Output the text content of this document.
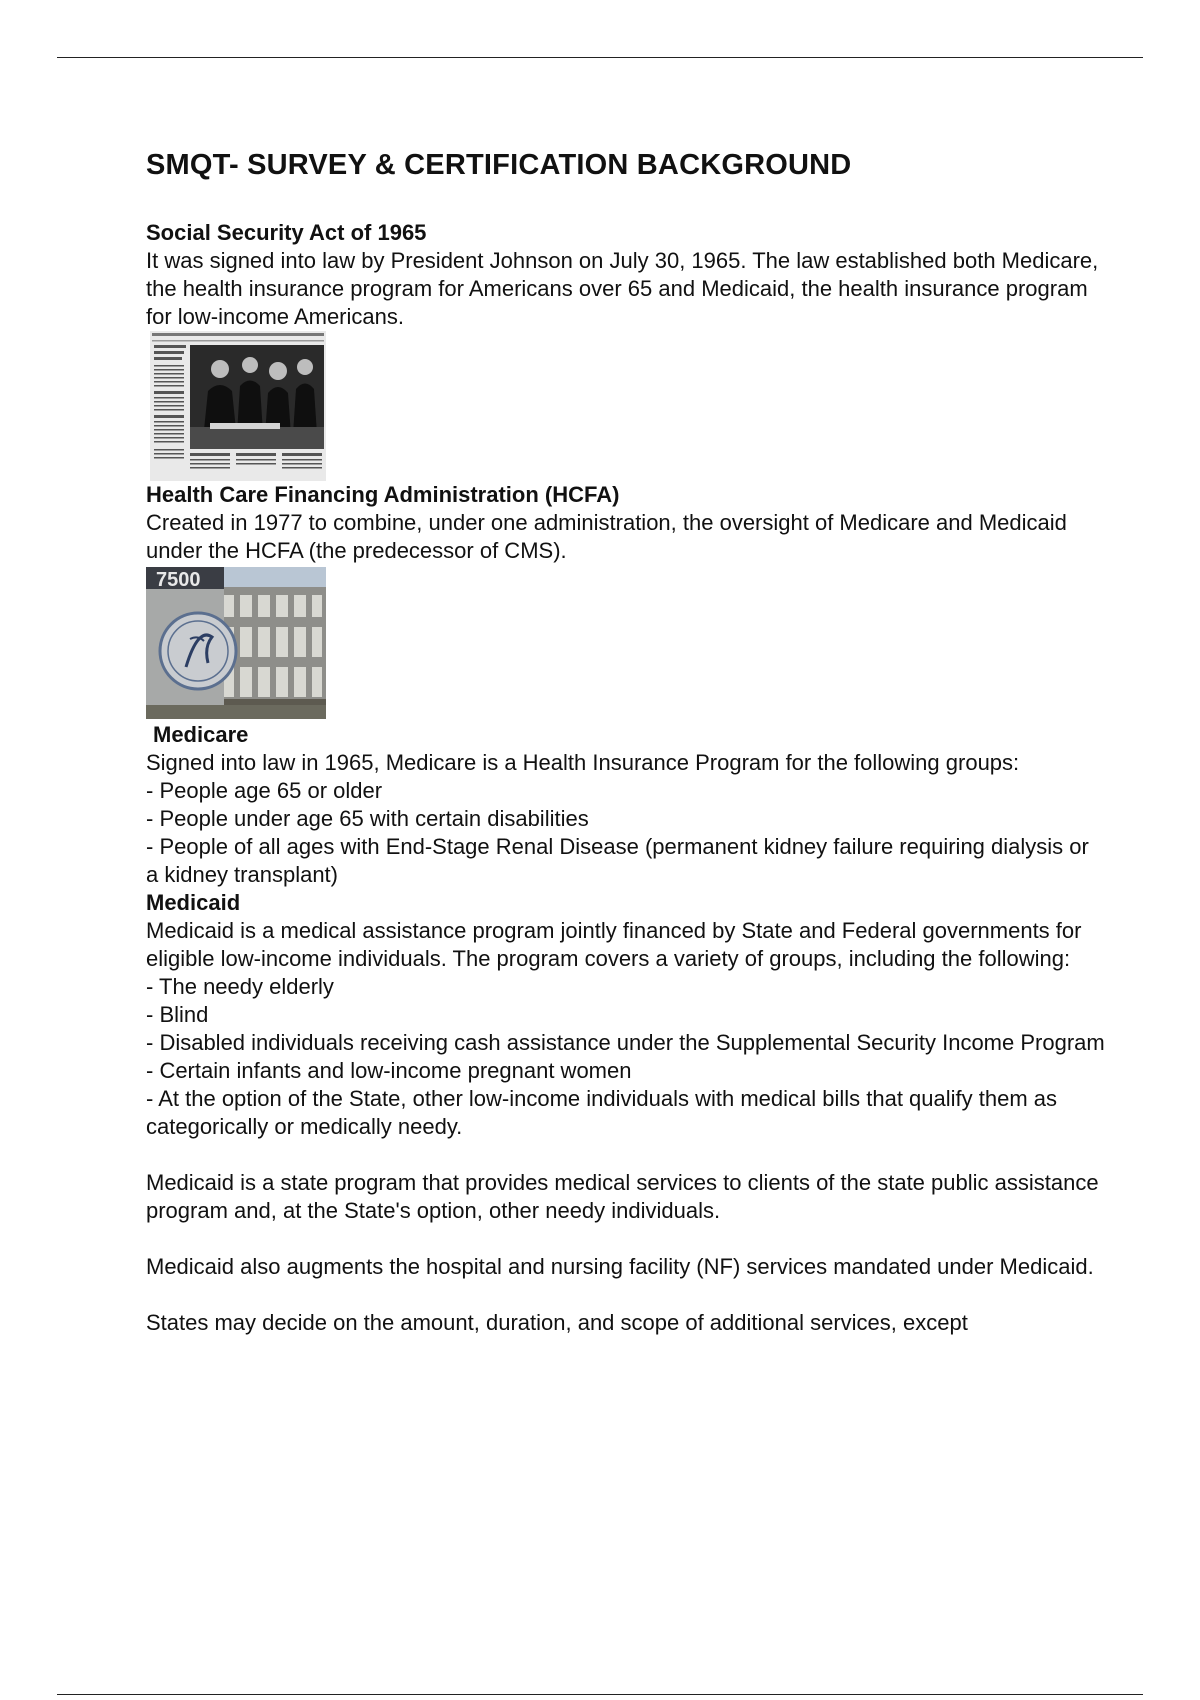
SMQT- SURVEY & CERTIFICATION BACKGROUND

Social Security Act of 1965

It was signed into law by President Johnson on July 30, 1965. The law established both Medicare, the health insurance program for Americans over 65 and Medicaid, the health insurance program for low-income Americans.

Health Care Financing Administration (HCFA)

Created in 1977 to combine, under one administration, the oversight of Medicare and Medicaid under the HCFA (the predecessor of CMS).

7500

Medicare

Signed into law in 1965, Medicare is a Health Insurance Program for the following groups:

- People age 65 or older

- People under age 65 with certain disabilities

- People of all ages with End-Stage Renal Disease (permanent kidney failure requiring dialysis or a kidney transplant)

Medicaid

Medicaid is a medical assistance program jointly financed by State and Federal governments for eligible low-income individuals. The program covers a variety of groups, including the following:

- The needy elderly

- Blind

- Disabled individuals receiving cash assistance under the Supplemental Security Income Program

- Certain infants and low-income pregnant women

- At the option of the State, other low-income individuals with medical bills that qualify them as categorically or medically needy.

Medicaid is a state program that provides medical services to clients of the state public assistance program and, at the State's option, other needy individuals.

Medicaid also augments the hospital and nursing facility (NF) services mandated under Medicaid.

States may decide on the amount, duration, and scope of additional services, except
